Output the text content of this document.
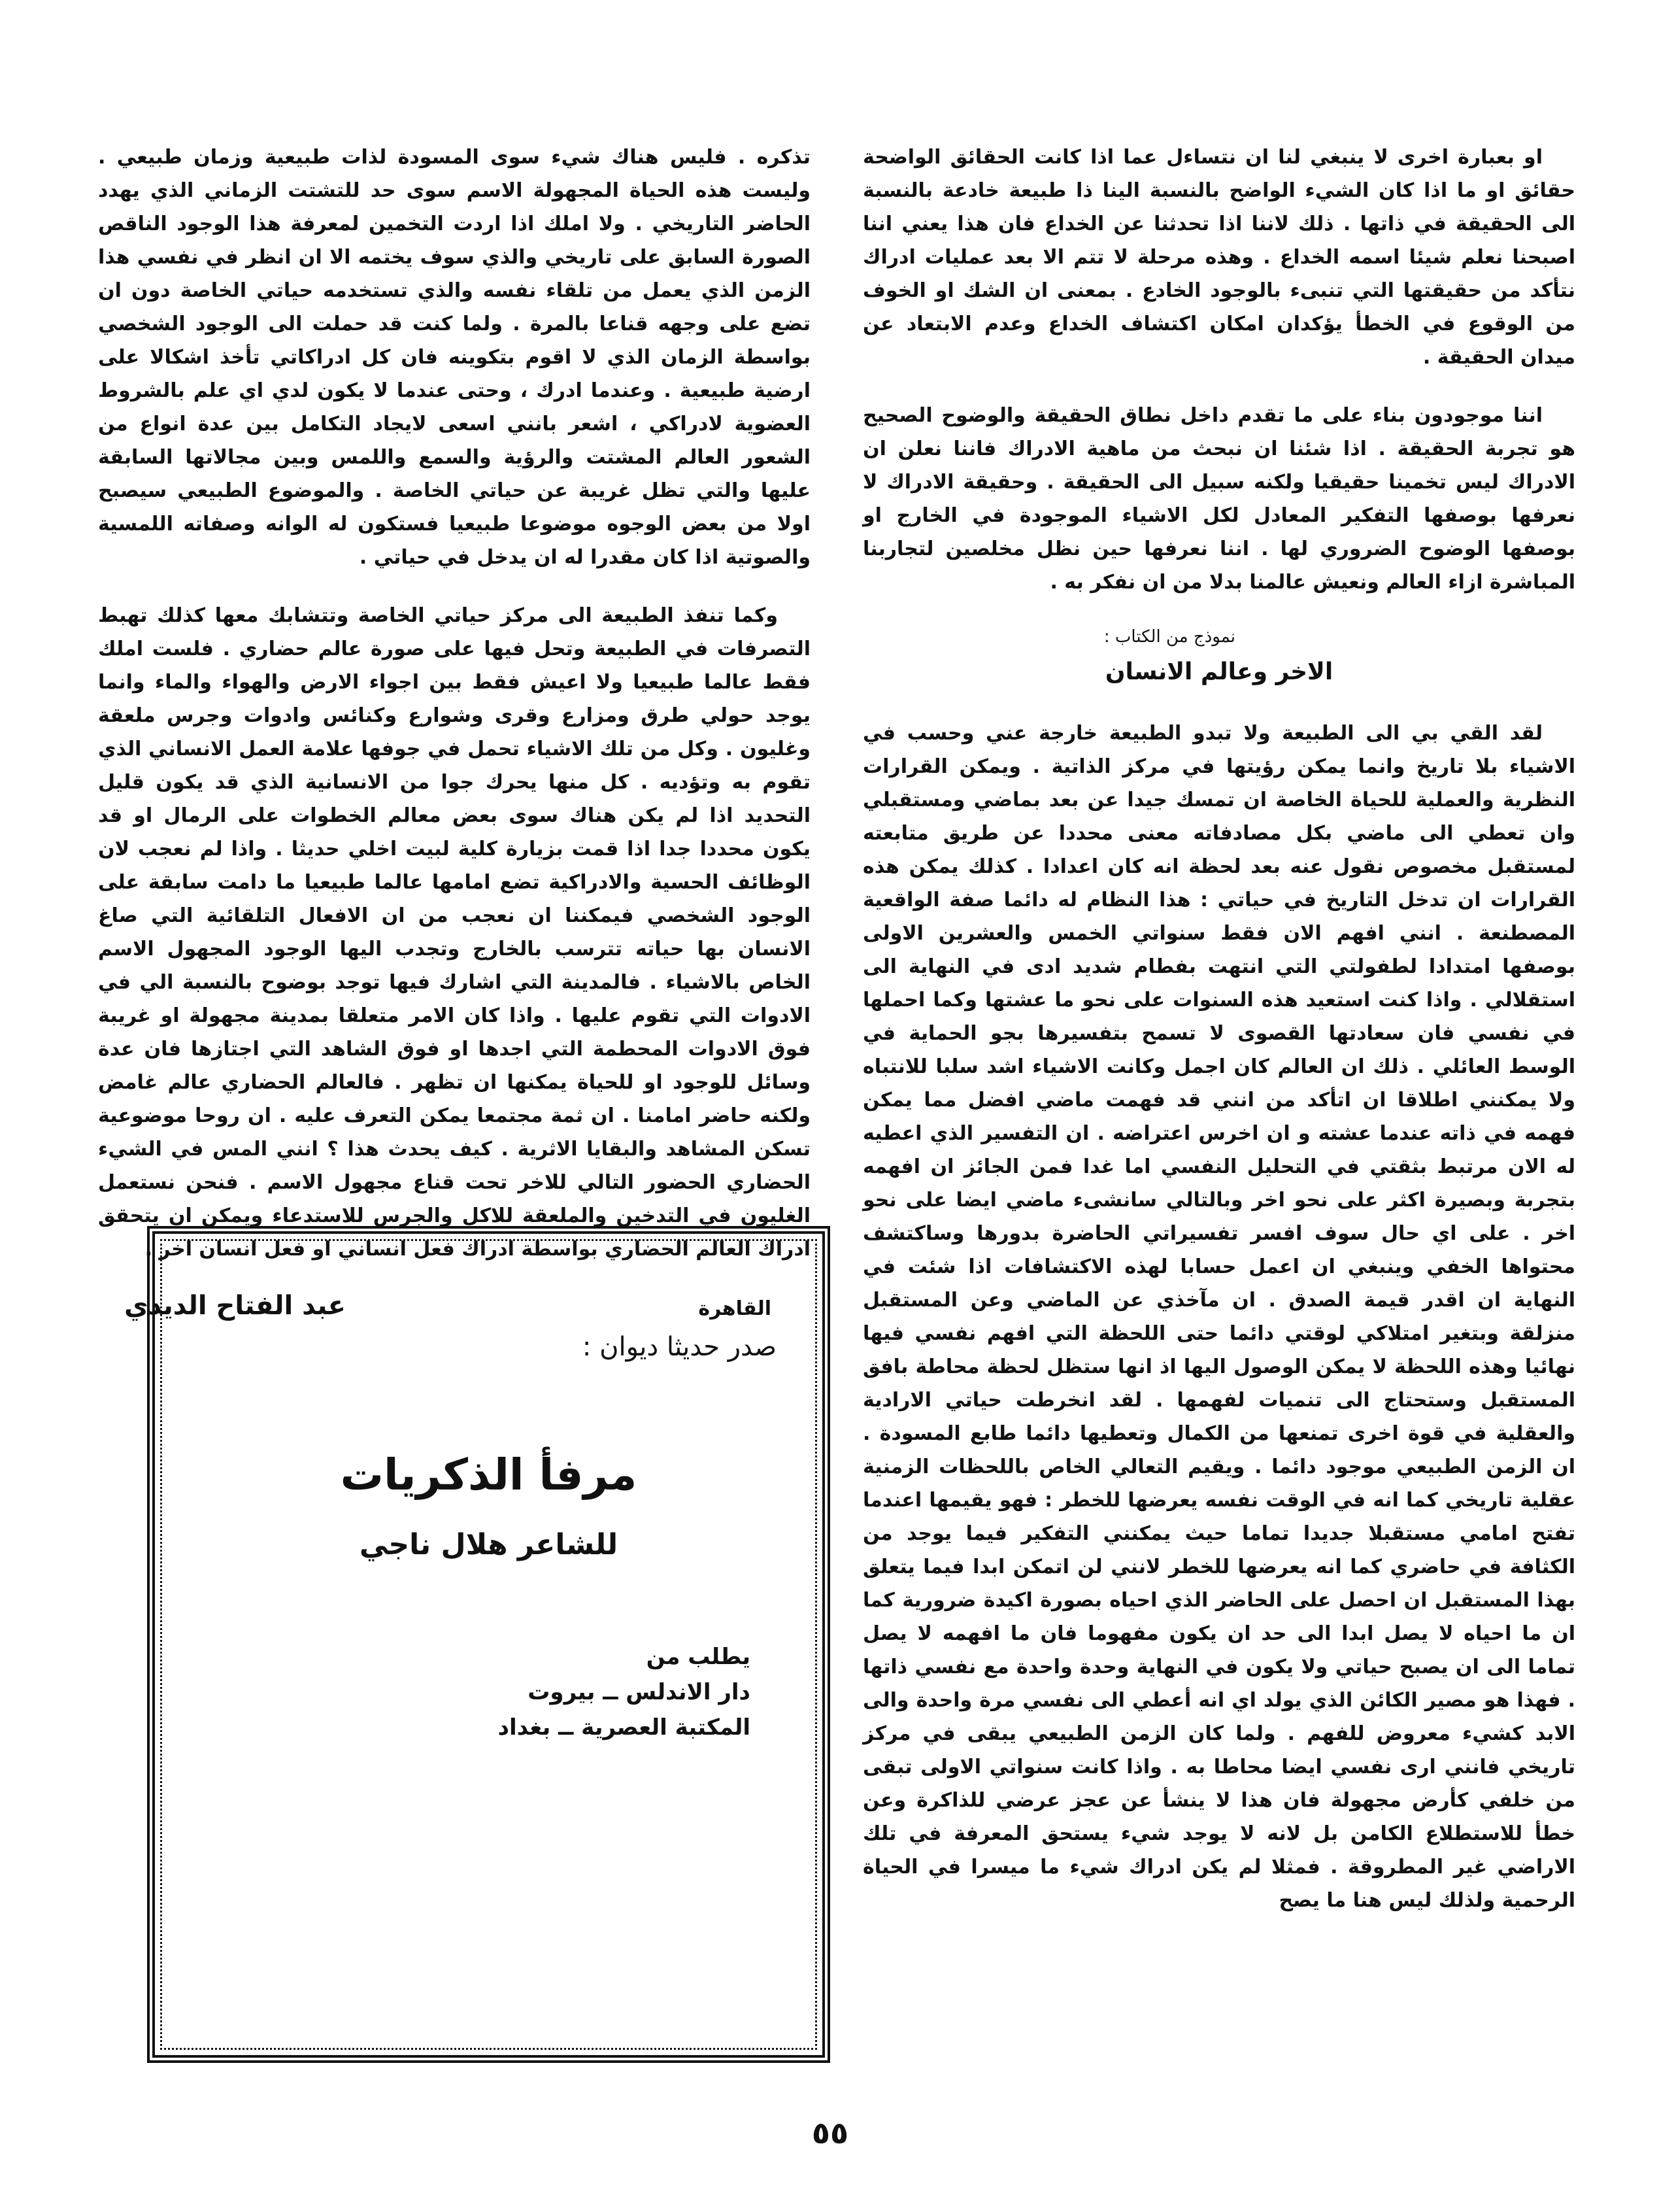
او بعبارة اخرى لا ينبغي لنا ان نتساءل عما اذا كانت الحقائق الواضحة حقائق او ما اذا كان الشيء الواضح بالنسبة الينا ذا طبيعة خادعة بالنسبة الى الحقيقة في ذاتها . ذلك لاننا اذا تحدثنا عن الخداع فان هذا يعني اننا اصبحنا نعلم شيئا اسمه الخداع . وهذه مرحلة لا تتم الا بعد عمليات ادراك نتأكد من حقيقتها التي تنبىء بالوجود الخادع . بمعنى ان الشك او الخوف من الوقوع في الخطأ يؤكدان امكان اكتشاف الخداع وعدم الابتعاد عن ميدان الحقيقة .

اننا موجودون بناء على ما تقدم داخل نطاق الحقيقة والوضوح الصحيح هو تجربة الحقيقة . اذا شئنا ان نبحث من ماهية الادراك فاننا نعلن ان الادراك ليس تخمينا حقيقيا ولكنه سبيل الى الحقيقة . وحقيقة الادراك لا نعرفها بوصفها التفكير المعادل لكل الاشياء الموجودة في الخارج او بوصفها الوضوح الضروري لها . اننا نعرفها حين نظل مخلصين لتجاربنا المباشرة ازاء العالم ونعيش عالمنا بدلا من ان نفكر به .

نموذج من الكتاب :
الاخر وعالم الانسان

لقد القي بي الى الطبيعة ولا تبدو الطبيعة خارجة عني وحسب في الاشياء بلا تاريخ وانما يمكن رؤيتها في مركز الذاتية . ويمكن القرارات النظرية والعملية للحياة الخاصة ان تمسك جيدا عن بعد بماضي ومستقبلي وان تعطي الى ماضي بكل مصادفاته معنى محددا عن طريق متابعته لمستقبل مخصوص نقول عنه بعد لحظة انه كان اعدادا . كذلك يمكن هذه القرارات ان تدخل التاريخ في حياتي : هذا النظام له دائما صفة الواقعية المصطنعة . انني افهم الان فقط سنواتي الخمس والعشرين الاولى بوصفها امتدادا لطفولتي التي انتهت بفطام شديد ادى في النهاية الى استقلالي . واذا كنت استعيد هذه السنوات على نحو ما عشتها وكما احملها في نفسي فان سعادتها القصوى لا تسمح بتفسيرها بجو الحماية في الوسط العائلي . ذلك ان العالم كان اجمل وكانت الاشياء اشد سلبا للانتباه ولا يمكنني اطلاقا ان اتأكد من انني قد فهمت ماضي افضل مما يمكن فهمه في ذاته عندما عشته و ان اخرس اعتراضه . ان التفسير الذي اعطيه له الان مرتبط بثقتي في التحليل النفسي اما غدا فمن الجائز ان افهمه بتجربة وبصيرة اكثر على نحو اخر وبالتالي سانشىء ماضي ايضا على نحو اخر . على اي حال سوف افسر تفسيراتي الحاضرة بدورها وساكتشف محتواها الخفي وينبغي ان اعمل حسابا لهذه الاكتشافات اذا شئت في النهاية ان اقدر قيمة الصدق . ان مآخذي عن الماضي وعن المستقبل منزلقة وبتغير امتلاكي لوقتي دائما حتى اللحظة التي افهم نفسي فيها نهائيا وهذه اللحظة لا يمكن الوصول اليها اذ انها ستظل لحظة محاطة بافق المستقبل وستحتاج الى تنميات لفهمها . لقد انخرطت حياتي الارادية والعقلية في قوة اخرى تمنعها من الكمال وتعطيها دائما طابع المسودة . ان الزمن الطبيعي موجود دائما . ويقيم التعالي الخاص باللحظات الزمنية عقلية تاريخي كما انه في الوقت نفسه يعرضها للخطر : فهو يقيمها اعندما تفتح امامي مستقبلا جديدا تماما حيث يمكنني التفكير فيما يوجد من الكثافة في حاضري كما انه يعرضها للخطر لانني لن اتمكن ابدا فيما يتعلق بهذا المستقبل ان احصل على الحاضر الذي احياه بصورة اكيدة ضرورية كما ان ما احياه لا يصل ابدا الى حد ان يكون مفهوما فان ما افهمه لا يصل تماما الى ان يصبح حياتي ولا يكون في النهاية وحدة واحدة مع نفسي ذاتها . فهذا هو مصير الكائن الذي يولد اي انه أعطي الى نفسي مرة واحدة والى الابد كشيء معروض للفهم . ولما كان الزمن الطبيعي يبقى في مركز تاريخي فانني ارى نفسي ايضا محاطا به . واذا كانت سنواتي الاولى تبقى من خلفي كأرض مجهولة فان هذا لا ينشأ عن عجز عرضي للذاكرة وعن خطأ للاستطلاع الكامن بل لانه لا يوجد شيء يستحق المعرفة في تلك الاراضي غير المطروقة . فمثلا لم يكن ادراك شيء ما ميسرا في الحياة الرحمية ولذلك ليس هنا ما يصح

تذكره . فليس هناك شيء سوى المسودة لذات طبيعية وزمان طبيعي . وليست هذه الحياة المجهولة الاسم سوى حد للتشتت الزماني الذي يهدد الحاضر التاريخي . ولا املك اذا اردت التخمين لمعرفة هذا الوجود الناقص الصورة السابق على تاريخي والذي سوف يختمه الا ان انظر في نفسي هذا الزمن الذي يعمل من تلقاء نفسه والذي تستخدمه حياتي الخاصة دون ان تضع على وجهه قناعا بالمرة . ولما كنت قد حملت الى الوجود الشخصي بواسطة الزمان الذي لا اقوم بتكوينه فان كل ادراكاتي تأخذ اشكالا على ارضية طبيعية . وعندما ادرك ، وحتى عندما لا يكون لدي اي علم بالشروط العضوية لادراكي ، اشعر بانني اسعى لايجاد التكامل بين عدة انواع من الشعور العالم المشتت والرؤية والسمع واللمس وبين مجالاتها السابقة عليها والتي تظل غريبة عن حياتي الخاصة . والموضوع الطبيعي سيصبح اولا من بعض الوجوه موضوعا طبيعيا فستكون له الوانه وصفاته اللمسية والصوتية اذا كان مقدرا له ان يدخل في حياتي .

وكما تنفذ الطبيعة الى مركز حياتي الخاصة وتتشابك معها كذلك تهبط التصرفات في الطبيعة وتحل فيها على صورة عالم حضاري . فلست املك فقط عالما طبيعيا ولا اعيش فقط بين اجواء الارض والهواء والماء وانما يوجد حولي طرق ومزارع وقرى وشوارع وكنائس وادوات وجرس ملعقة وغليون . وكل من تلك الاشياء تحمل في جوفها علامة العمل الانساني الذي تقوم به وتؤديه . كل منها يحرك جوا من الانسانية الذي قد يكون قليل التحديد اذا لم يكن هناك سوى بعض معالم الخطوات على الرمال او قد يكون محددا جدا اذا قمت بزيارة كلية لبيت اخلي حديثا . واذا لم نعجب لان الوظائف الحسية والادراكية تضع امامها عالما طبيعيا ما دامت سابقة على الوجود الشخصي فيمكننا ان نعجب من ان الافعال التلقائية التي صاغ الانسان بها حياته تترسب بالخارج وتجدب اليها الوجود المجهول الاسم الخاص بالاشياء . فالمدينة التي اشارك فيها توجد بوضوح بالنسبة الي في الادوات التي تقوم عليها . واذا كان الامر متعلقا بمدينة مجهولة او غريبة فوق الادوات المحطمة التي اجدها او فوق الشاهد التي اجتازها فان عدة وسائل للوجود او للحياة يمكنها ان تظهر . فالعالم الحضاري عالم غامض ولكنه حاضر امامنا . ان ثمة مجتمعا يمكن التعرف عليه . ان روحا موضوعية تسكن المشاهد والبقايا الاثرية . كيف يحدث هذا ؟ انني المس في الشيء الحضاري الحضور التالي للاخر تحت قناع مجهول الاسم . فنحن نستعمل الغليون في التدخين والملعقة للاكل والجرس للاستدعاء ويمكن ان يتحقق ادراك العالم الحضاري بواسطة ادراك فعل انساني او فعل انسان اخر .

القاهرة
عبد الفتاح الديدي
صدر حديثا ديوان :
مرفأ الذكريات
للشاعر هلال ناجي
يطلب من
دار الاندلس ــ بيروت
المكتبة العصرية ــ بغداد
٥٥
